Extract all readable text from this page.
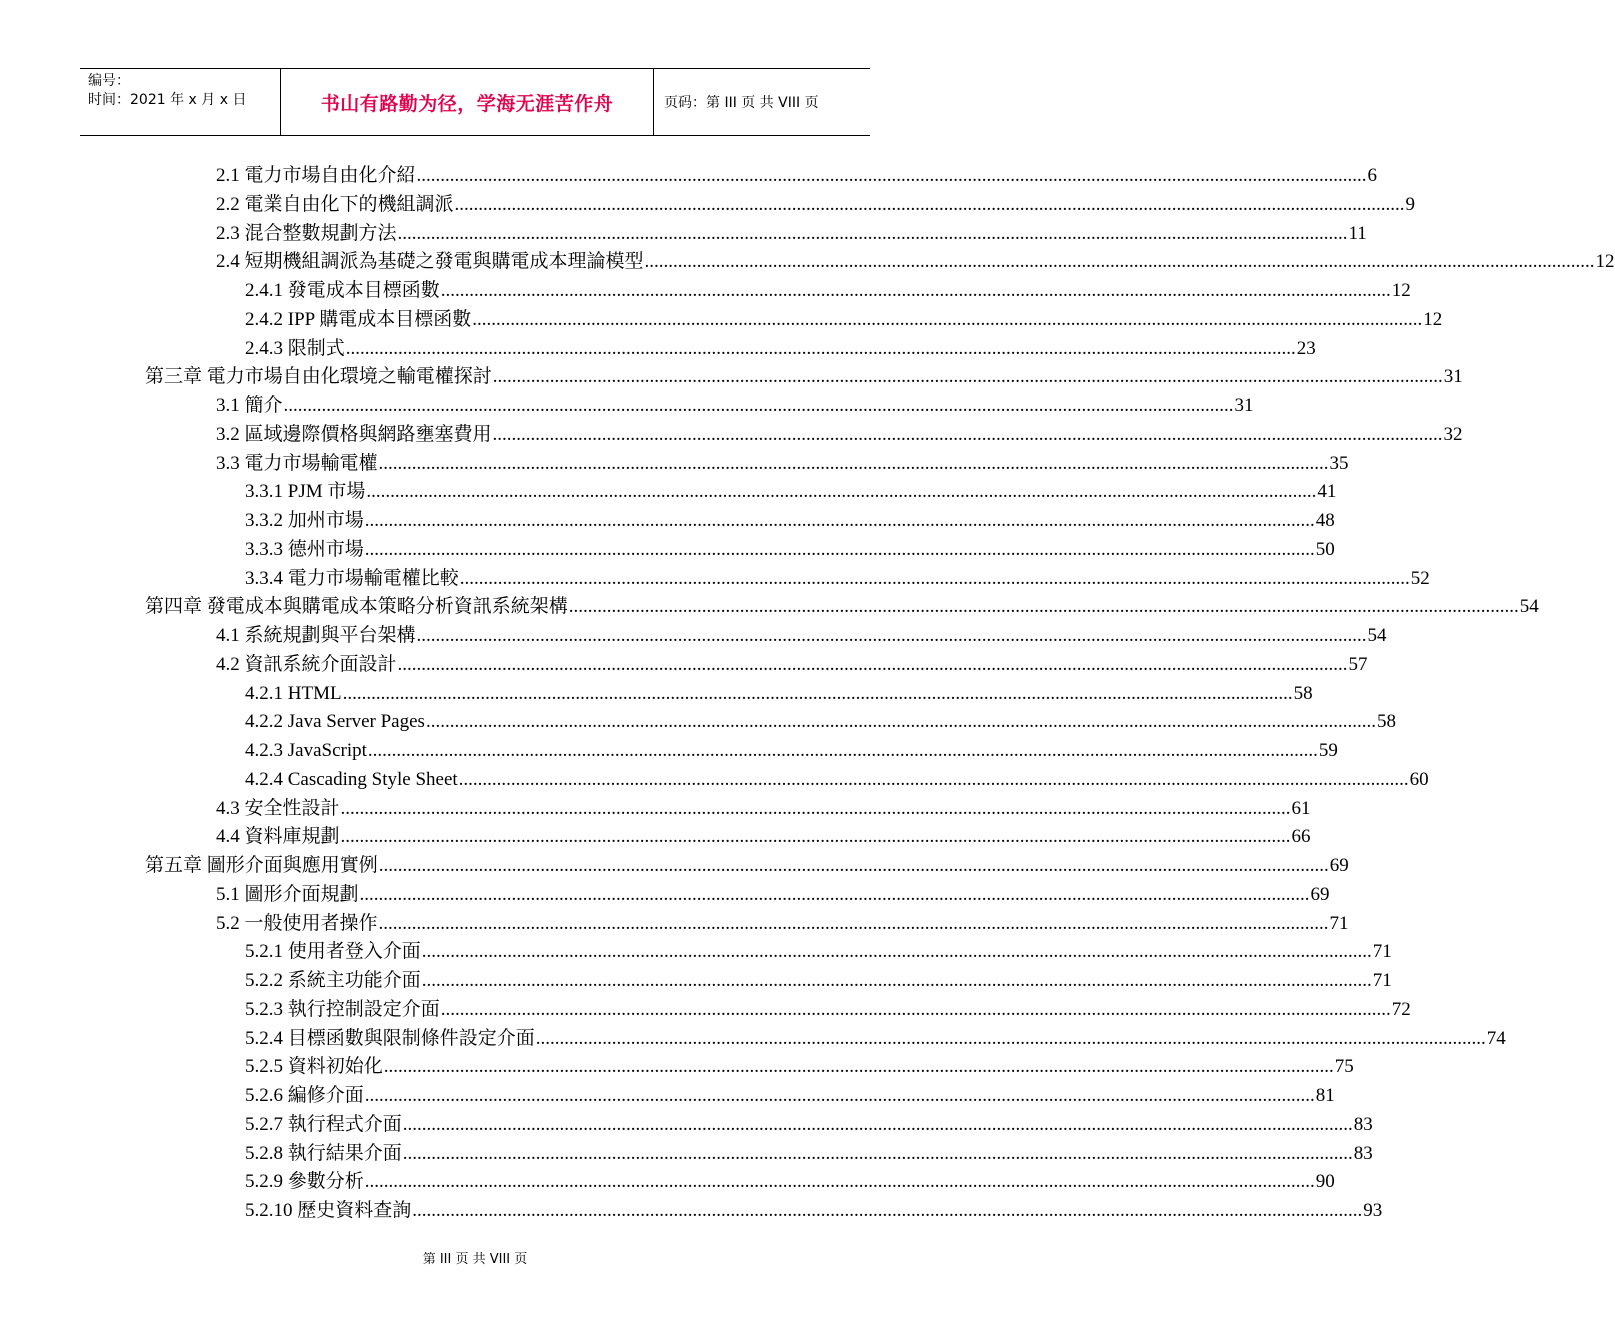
编号：
时间：2021 年 x 月 x 日	书山有路勤为径，学海无涯苦作舟	页码：第 III 页 共 VIII 页
2.1 電力市場自由化介紹 ........................................................................................................................................................................................................ 6
2.2 電業自由化下的機組調派 ........................................................................................................................................................................................................ 9
2.3 混合整數規劃方法 ........................................................................................................................................................................................................ 11
2.4 短期機組調派為基礎之發電與購電成本理論模型 ........................................................................................................................................................................................................ 12
2.4.1 發電成本目標函數 ........................................................................................................................................................................................................ 12
2.4.2 IPP 購電成本目標函數 ........................................................................................................................................................................................................ 12
2.4.3 限制式 ........................................................................................................................................................................................................ 23
第三章 電力市場自由化環境之輸電權探討 ........................................................................................................................................................................................................ 31
3.1 簡介 ........................................................................................................................................................................................................ 31
3.2 區域邊際價格與網路壅塞費用 ........................................................................................................................................................................................................ 32
3.3 電力市場輸電權 ........................................................................................................................................................................................................ 35
3.3.1 PJM 市場 ........................................................................................................................................................................................................ 41
3.3.2 加州市場 ........................................................................................................................................................................................................ 48
3.3.3 德州市場 ........................................................................................................................................................................................................ 50
3.3.4 電力市場輸電權比較 ........................................................................................................................................................................................................ 52
第四章 發電成本與購電成本策略分析資訊系統架構 ........................................................................................................................................................................................................ 54
4.1 系統規劃與平台架構 ........................................................................................................................................................................................................ 54
4.2 資訊系統介面設計 ........................................................................................................................................................................................................ 57
4.2.1 HTML ........................................................................................................................................................................................................ 58
4.2.2 Java Server Pages ........................................................................................................................................................................................................ 58
4.2.3 JavaScript ........................................................................................................................................................................................................ 59
4.2.4 Cascading Style Sheet ........................................................................................................................................................................................................ 60
4.3 安全性設計 ........................................................................................................................................................................................................ 61
4.4 資料庫規劃 ........................................................................................................................................................................................................ 66
第五章 圖形介面與應用實例 ........................................................................................................................................................................................................ 69
5.1 圖形介面規劃 ........................................................................................................................................................................................................ 69
5.2 一般使用者操作 ........................................................................................................................................................................................................ 71
5.2.1 使用者登入介面 ........................................................................................................................................................................................................ 71
5.2.2 系統主功能介面 ........................................................................................................................................................................................................ 71
5.2.3 執行控制設定介面 ........................................................................................................................................................................................................ 72
5.2.4 目標函數與限制條件設定介面 ........................................................................................................................................................................................................ 74
5.2.5 資料初始化 ........................................................................................................................................................................................................ 75
5.2.6 編修介面 ........................................................................................................................................................................................................ 81
5.2.7 執行程式介面 ........................................................................................................................................................................................................ 83
5.2.8 執行結果介面 ........................................................................................................................................................................................................ 83
5.2.9 參數分析 ........................................................................................................................................................................................................ 90
5.2.10 歷史資料查詢 ........................................................................................................................................................................................................ 93
第 III 页 共 VIII 页
